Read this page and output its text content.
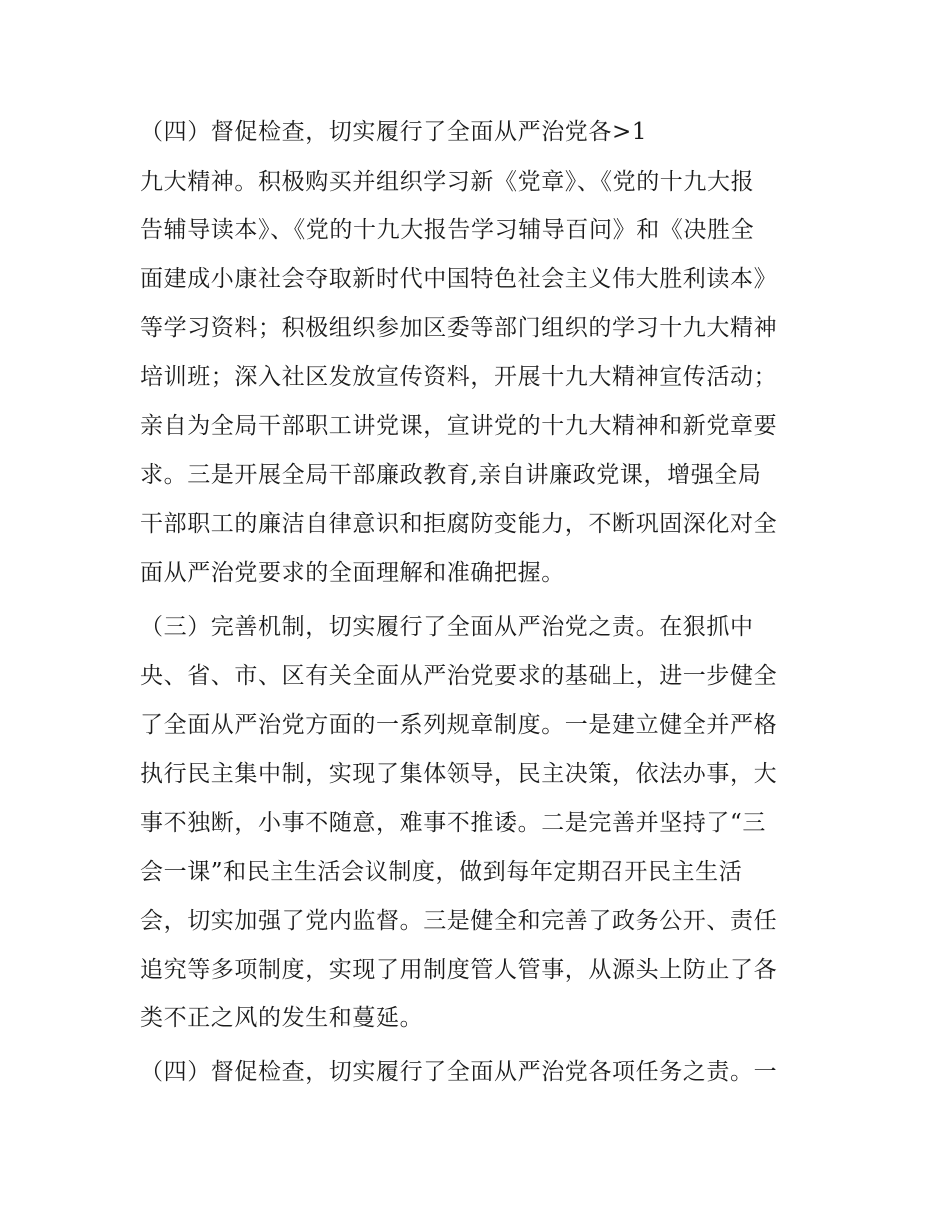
（四）督促检查，切实履行了全面从严治党各>1
九大精神。积极购买并组织学习新《党章》、《党的十九大报
告辅导读本》、《党的十九大报告学习辅导百问》和《决胜全
面建成小康社会夺取新时代中国特色社会主义伟大胜利读本》
等学习资料；积极组织参加区委等部门组织的学习十九大精神
培训班；深入社区发放宣传资料，开展十九大精神宣传活动；
亲自为全局干部职工讲党课，宣讲党的十九大精神和新党章要
求。三是开展全局干部廉政教育,亲自讲廉政党课，增强全局
干部职工的廉洁自律意识和拒腐防变能力，不断巩固深化对全
面从严治党要求的全面理解和准确把握。
（三）完善机制，切实履行了全面从严治党之责。在狠抓中
央、省、市、区有关全面从严治党要求的基础上，进一步健全
了全面从严治党方面的一系列规章制度。一是建立健全并严格
执行民主集中制，实现了集体领导，民主决策，依法办事，大
事不独断，小事不随意，难事不推诿。二是完善并坚持了“三
会一课”和民主生活会议制度，做到每年定期召开民主生活
会，切实加强了党内监督。三是健全和完善了政务公开、责任
追究等多项制度，实现了用制度管人管事，从源头上防止了各
类不正之风的发生和蔓延。
（四）督促检查，切实履行了全面从严治党各项任务之责。一
